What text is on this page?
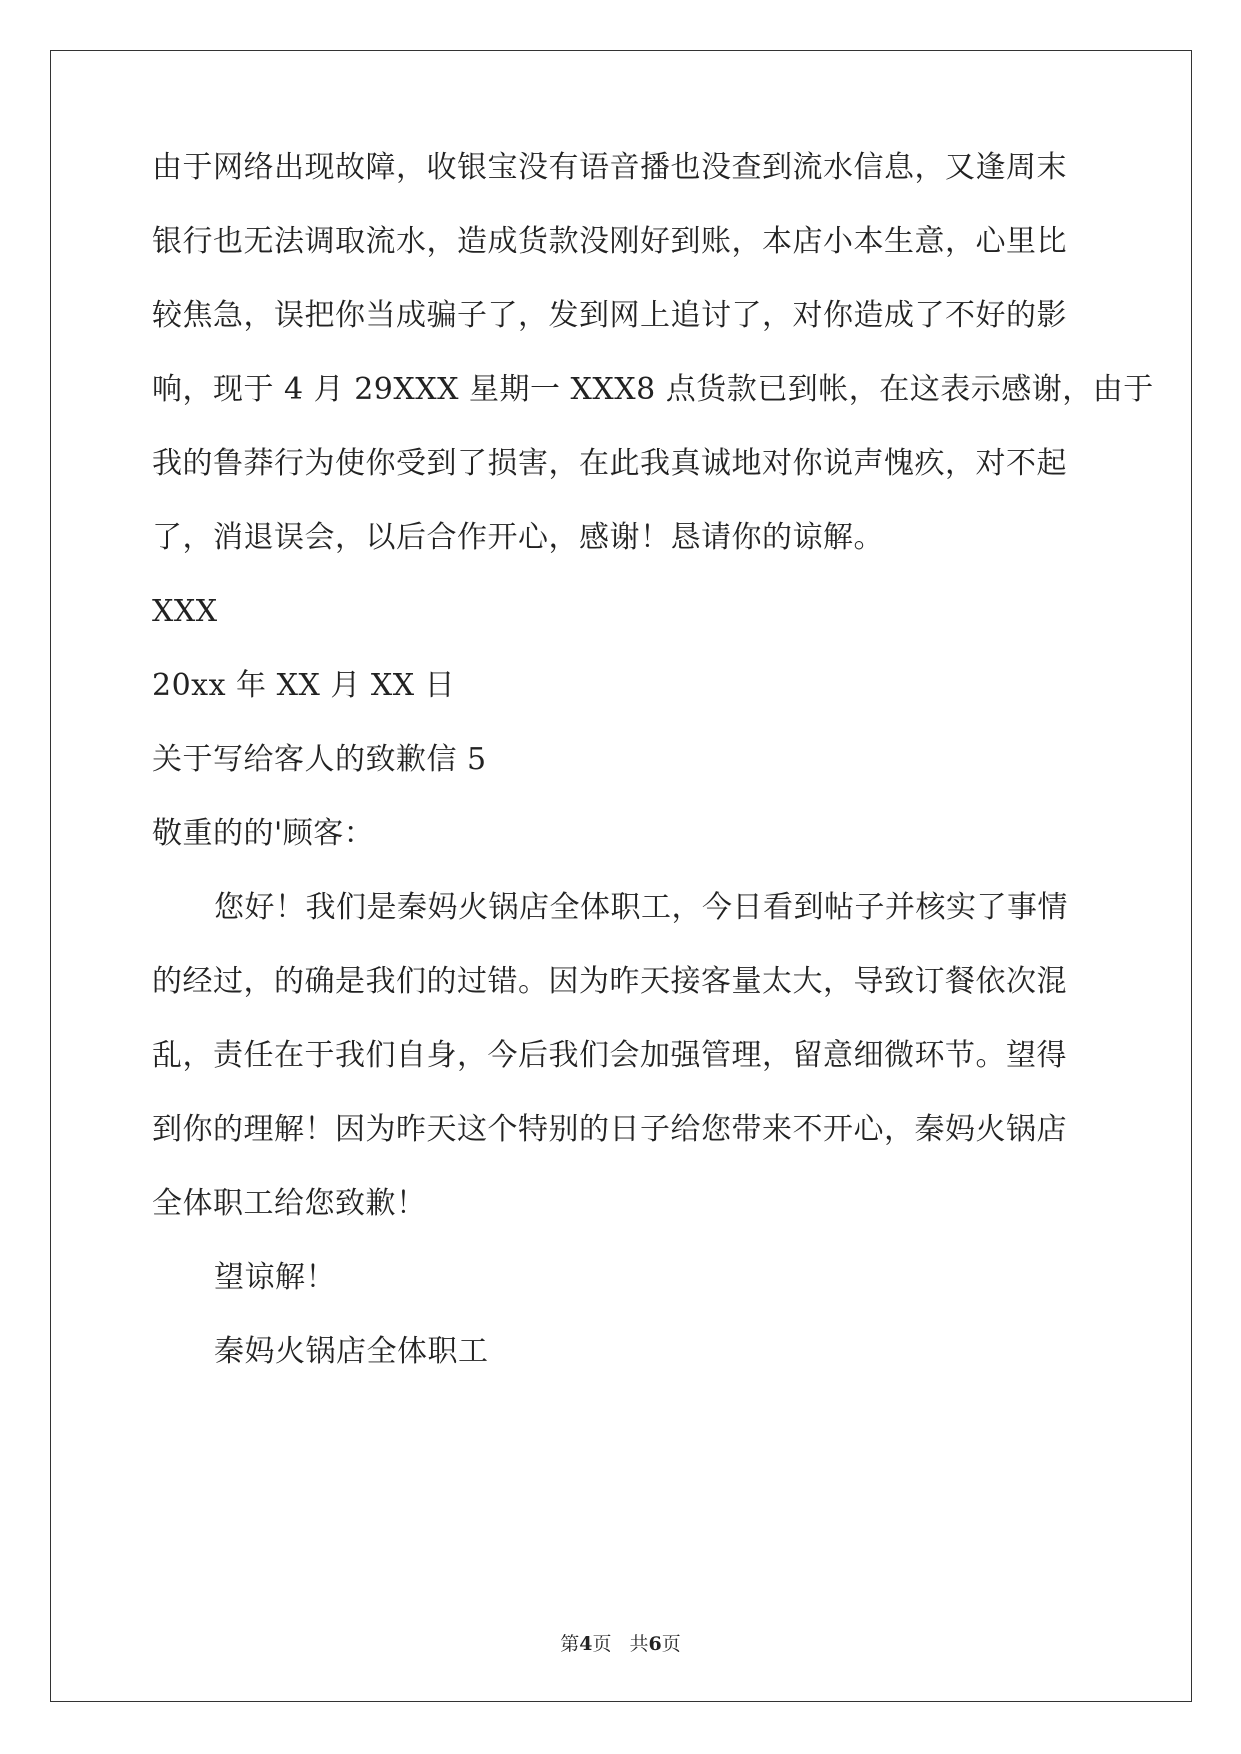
由于网络出现故障，收银宝没有语音播也没查到流水信息，又逢周末

银行也无法调取流水，造成货款没刚好到账，本店小本生意，心里比

较焦急，误把你当成骗子了，发到网上追讨了，对你造成了不好的影

响，现于 4 月 29XXX 星期一 XXX8 点货款已到帐，在这表示感谢，由于

我的鲁莽行为使你受到了损害，在此我真诚地对你说声愧疚，对不起

了，消退误会，以后合作开心，感谢！恳请你的谅解。

XXX

20xx 年 XX 月 XX 日

关于写给客人的致歉信 5

敬重的的'顾客：

您好！我们是秦妈火锅店全体职工，今日看到帖子并核实了事情

的经过，的确是我们的过错。因为昨天接客量太大，导致订餐依次混

乱，责任在于我们自身，今后我们会加强管理，留意细微环节。望得

到你的理解！因为昨天这个特别的日子给您带来不开心，秦妈火锅店

全体职工给您致歉！

望谅解！

秦妈火锅店全体职工

第4页 共6页
